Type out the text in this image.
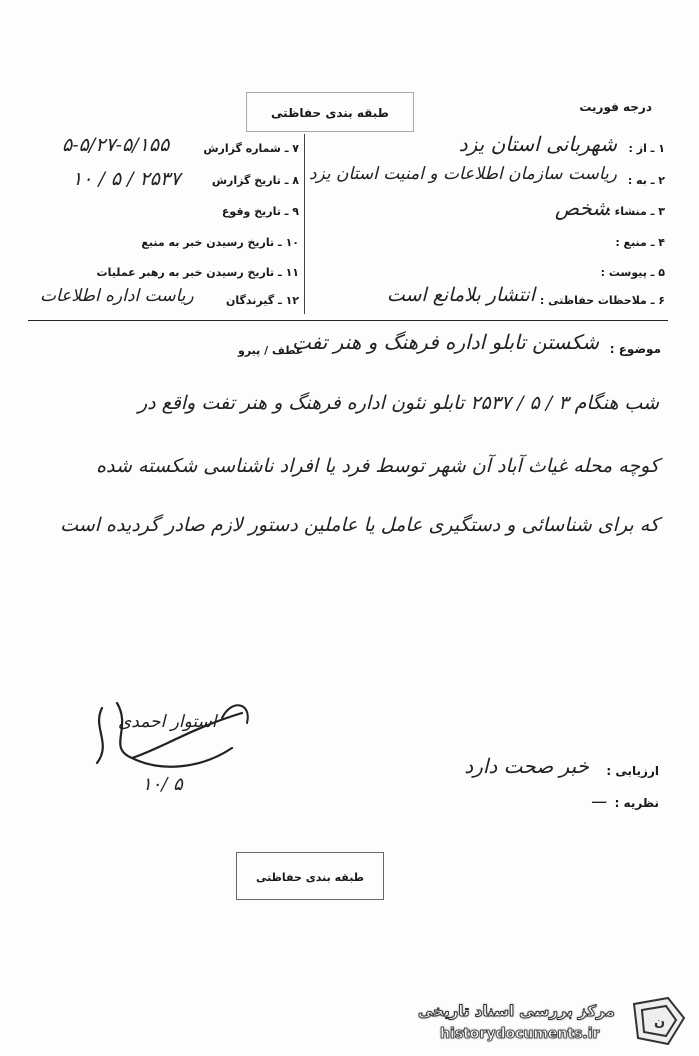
طبقه بندی حفاظتی	درجه فوریت
۷ ـ شماره گزارش
۵-۵/۲۷-۵/۱۵۵
۸ ـ تاریخ گزارش
۱۰ / ۵ / ۲۵۳۷
۹ ـ تاریخ وقوع
۱۰ ـ تاریخ رسیدن خبر به منبع
۱۱ ـ تاریخ رسیدن خبر به رهبر عملیات
۱۲ ـ گیرندگان
ریاست اداره اطلاعات
۱ ـ از :
شهربانی استان یزد
۲ ـ به :
ریاست سازمان اطلاعات و امنیت استان یزد
۳ ـ منشاء :
شخص
۴ ـ منبع :
۵ ـ پیوست :
۶ ـ ملاحظات حفاظتی :
انتشار بلامانع است
موضوع :
شکستن تابلو اداره فرهنگ و هنر تفت
عطف / پیرو
شب هنگام ۳ / ۵ / ۲۵۳۷ تابلو نئون اداره فرهنگ و هنر تفت واقع در
کوچه محله غیاث آباد آن شهر توسط فرد یا افراد ناشناسی شکسته شده
که برای شناسائی و دستگیری عامل یا عاملین دستور لازم صادر گردیده است
استوار احمدی
۱۰/ ۵
ارزیابی :
خبر صحت دارد
نظریه :
ـــ
طبقه بندی حفاظتی
مرکز بررسی اسناد تاریخی
historydocuments.ir
ن
